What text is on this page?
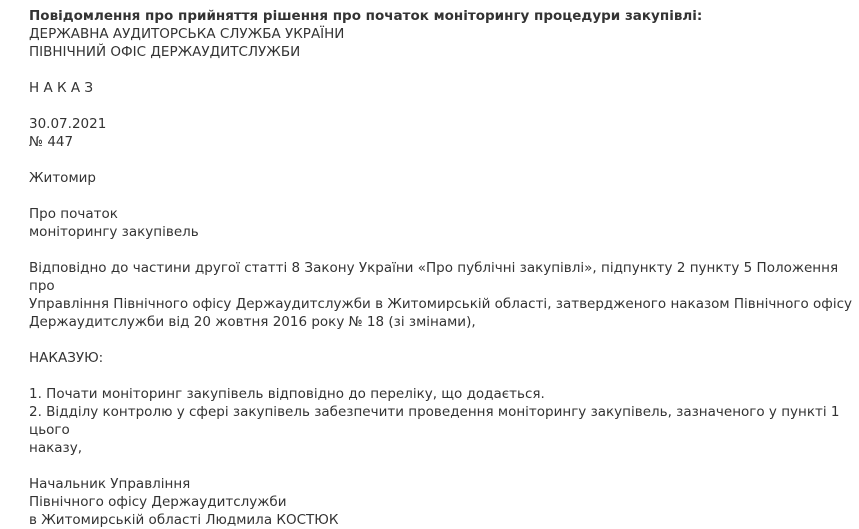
Повідомлення про прийняття рішення про початок моніторингу процедури закупівлі:

ДЕРЖАВНА АУДИТОРСЬКА СЛУЖБА УКРАЇНИ

ПІВНІЧНИЙ ОФІС ДЕРЖАУДИТСЛУЖБИ

Н А К А З

30.07.2021

№ 447

Житомир

Про початок

моніторингу закупівель

Відповідно до частини другої статті 8 Закону України «Про публічні закупівлі», підпункту 2 пункту 5 Положення про

Управління Північного офісу Держаудитслужби в Житомирській області, затвердженого наказом Північного офісу

Держаудитслужби від 20 жовтня 2016 року № 18 (зі змінами),

НАКАЗУЮ:

1. Почати моніторинг закупівель відповідно до переліку, що додається.

2. Відділу контролю у сфері закупівель забезпечити проведення моніторингу закупівель, зазначеного у пункті 1 цього

наказу,

Начальник Управління

Північного офісу Держаудитслужби

в Житомирській області Людмила КОСТЮК
